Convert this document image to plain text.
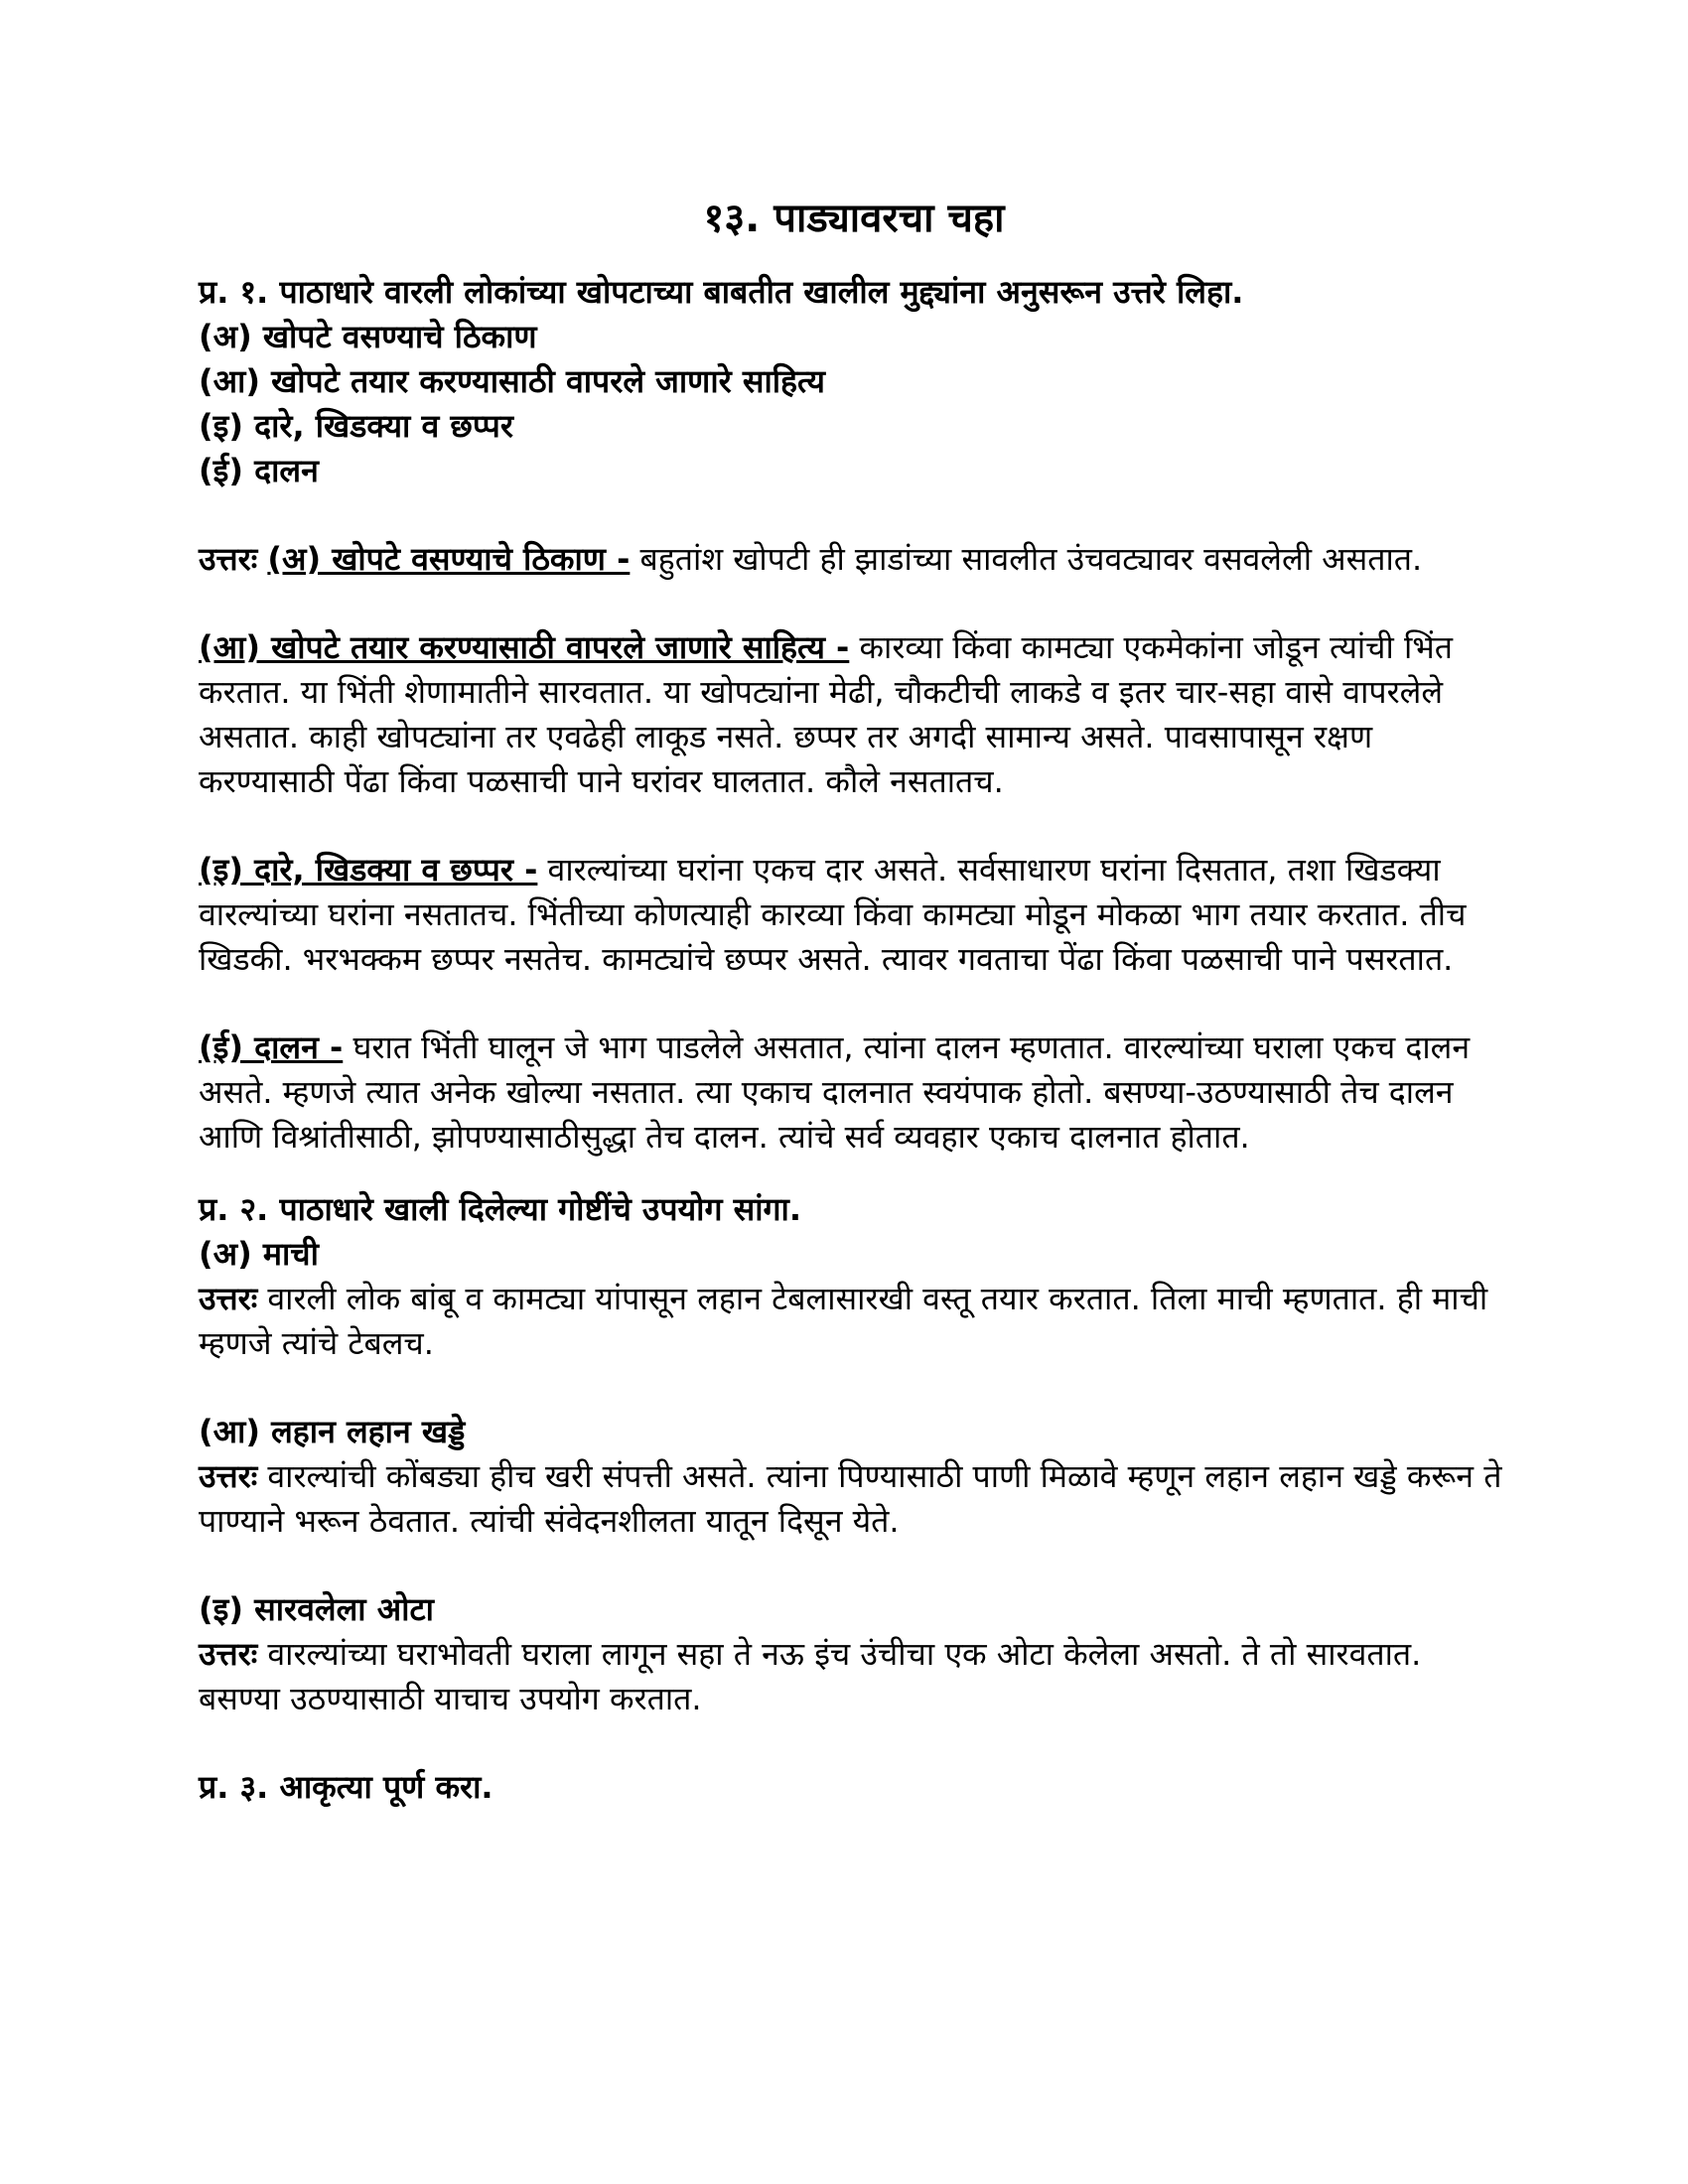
१३. पाड्यावरचा चहा

प्र. १. पाठाधारे वारली लोकांच्या खोपटाच्या बाबतीत खालील मुद्द्यांना अनुसरून उत्तरे लिहा.

(अ) खोपटे वसण्याचे ठिकाण

(आ) खोपटे तयार करण्यासाठी वापरले जाणारे साहित्य

(इ) दारे, खिडक्या व छप्पर

(ई) दालन

उत्तरः (अ) खोपटे वसण्याचे ठिकाण - बहुतांश खोपटी ही झाडांच्या सावलीत उंचवट्यावर वसवलेली असतात.

(आ) खोपटे तयार करण्यासाठी वापरले जाणारे साहित्य - कारव्या किंवा कामट्या एकमेकांना जोडून त्यांची भिंत करतात. या भिंती शेणामातीने सारवतात. या खोपट्यांना मेढी, चौकटीची लाकडे व इतर चार-सहा वासे वापरलेले असतात. काही खोपट्यांना तर एवढेही लाकूड नसते. छप्पर तर अगदी सामान्य असते. पावसापासून रक्षण करण्यासाठी पेंढा किंवा पळसाची पाने घरांवर घालतात. कौले नसतातच.

(इ) दारे, खिडक्या व छप्पर - वारल्यांच्या घरांना एकच दार असते. सर्वसाधारण घरांना दिसतात, तशा खिडक्या वारल्यांच्या घरांना नसतातच. भिंतीच्या कोणत्याही कारव्या किंवा कामट्या मोडून मोकळा भाग तयार करतात. तीच खिडकी. भरभक्कम छप्पर नसतेच. कामट्यांचे छप्पर असते. त्यावर गवताचा पेंढा किंवा पळसाची पाने पसरतात.

(ई) दालन - घरात भिंती घालून जे भाग पाडलेले असतात, त्यांना दालन म्हणतात. वारल्यांच्या घराला एकच दालन असते. म्हणजे त्यात अनेक खोल्या नसतात. त्या एकाच दालनात स्वयंपाक होतो. बसण्या-उठण्यासाठी तेच दालन आणि विश्रांतीसाठी, झोपण्यासाठीसुद्धा तेच दालन. त्यांचे सर्व व्यवहार एकाच दालनात होतात.

प्र. २. पाठाधारे खाली दिलेल्या गोष्टींचे उपयोग सांगा.

(अ) माची

उत्तरः वारली लोक बांबू व कामट्या यांपासून लहान टेबलासारखी वस्तू तयार करतात. तिला माची म्हणतात. ही माची म्हणजे त्यांचे टेबलच.

(आ) लहान लहान खड्डे

उत्तरः वारल्यांची कोंबड्या हीच खरी संपत्ती असते. त्यांना पिण्यासाठी पाणी मिळावे म्हणून लहान लहान खड्डे करून ते पाण्याने भरून ठेवतात. त्यांची संवेदनशीलता यातून दिसून येते.

(इ) सारवलेला ओटा

उत्तरः वारल्यांच्या घराभोवती घराला लागून सहा ते नऊ इंच उंचीचा एक ओटा केलेला असतो. ते तो सारवतात. बसण्या उठण्यासाठी याचाच उपयोग करतात.

प्र. ३. आकृत्या पूर्ण करा.
